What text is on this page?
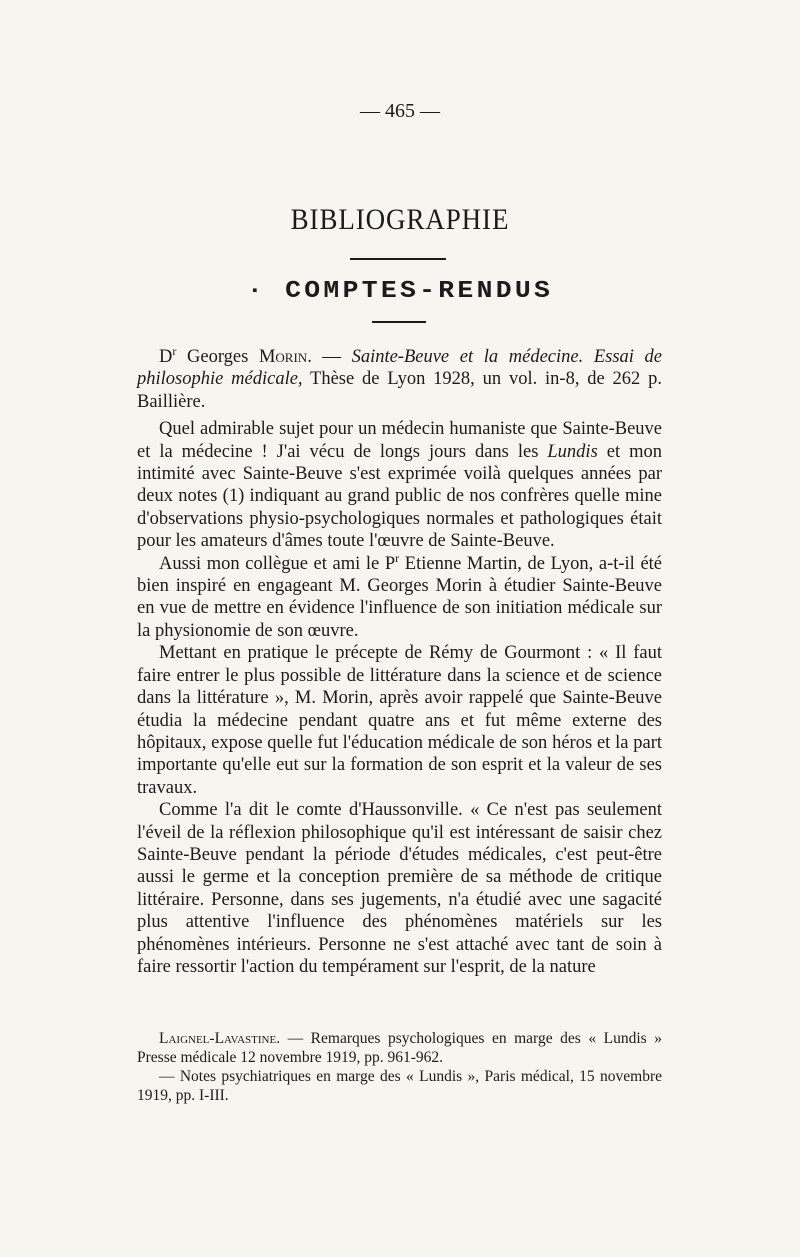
— 465 —
BIBLIOGRAPHIE
· COMPTES-RENDUS

$D^r$ Georges Morin. — Sainte-Beuve et la médecine. Essai de philosophie médicale, Thèse de Lyon 1928, un vol. in-8, de 262 p. Baillière.

Quel admirable sujet pour un médecin humaniste que Sainte-Beuve et la médecine ! J'ai vécu de longs jours dans les Lundis et mon intimité avec Sainte-Beuve s'est exprimée voilà quelques années par deux notes (1) indiquant au grand public de nos confrères quelle mine d'observations physio-psychologiques normales et pathologiques était pour les amateurs d'âmes toute l'œuvre de Sainte-Beuve.

Aussi mon collègue et ami le $P^r$ Etienne Martin, de Lyon, a-t-il été bien inspiré en engageant M. Georges Morin à étudier Sainte-Beuve en vue de mettre en évidence l'influence de son initiation médicale sur la physionomie de son œuvre.

Mettant en pratique le précepte de Rémy de Gourmont : « Il faut faire entrer le plus possible de littérature dans la science et de science dans la littérature », M. Morin, après avoir rappelé que Sainte-Beuve étudia la médecine pendant quatre ans et fut même externe des hôpitaux, expose quelle fut l'éducation médicale de son héros et la part importante qu'elle eut sur la formation de son esprit et la valeur de ses travaux.

Comme l'a dit le comte d'Haussonville. « Ce n'est pas seulement l'éveil de la réflexion philosophique qu'il est intéressant de saisir chez Sainte-Beuve pendant la période d'études médicales, c'est peut-être aussi le germe et la conception première de sa méthode de critique littéraire. Personne, dans ses jugements, n'a étudié avec une sagacité plus attentive l'influence des phénomènes matériels sur les phénomènes intérieurs. Personne ne s'est attaché avec tant de soin à faire ressortir l'action du tempérament sur l'esprit, de la nature

Laignel-Lavastine. — Remarques psychologiques en marge des « Lundis » Presse médicale 12 novembre 1919, pp. 961-962.

— Notes psychiatriques en marge des « Lundis », Paris médical, 15 novembre 1919, pp. I-III.
